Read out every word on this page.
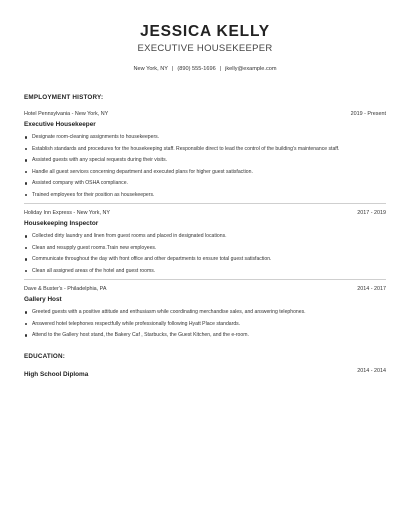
JESSICA KELLY
EXECUTIVE HOUSEKEEPER
New York, NY | (890) 555-1696 | jkelly@example.com
EMPLOYMENT HISTORY:
Hotel Pennsylvania - New York, NY	2019 - Present
Executive Housekeeper
Designate room-cleaning assignments to housekeepers.
Establish standards and procedures for the housekeeping staff. Responsible direct to lead the control of the building's maintenance staff.
Assisted guests with any special requests during their visits.
Handle all guest services concerning department and executed plans for higher guest satisfaction.
Assisted company with OSHA compliance.
Trained employees for their position as housekeepers.
Holiday Inn Express - New York, NY	2017 - 2019
Housekeeping Inspector
Collected dirty laundry and linen from guest rooms and placed in designated locations.
Clean and resupply guest rooms.Train new employees.
Communicate throughout the day with front office and other departments to ensure total guest satisfaction.
Clean all assigned areas of the hotel and guest rooms.
Dave & Buster's - Philadelphia, PA	2014 - 2017
Gallery Host
Greeted guests with a positive attitude and enthusiasm while coordinating merchandise sales, and answering telephones.
Answered hotel telephones respectfully while professionally following Hyatt Place standards.
Attend to the Gallery host stand, the Bakery Caf , Starbucks, the Guest Kitchen, and the e-room.
EDUCATION:
High School Diploma	2014 - 2014
